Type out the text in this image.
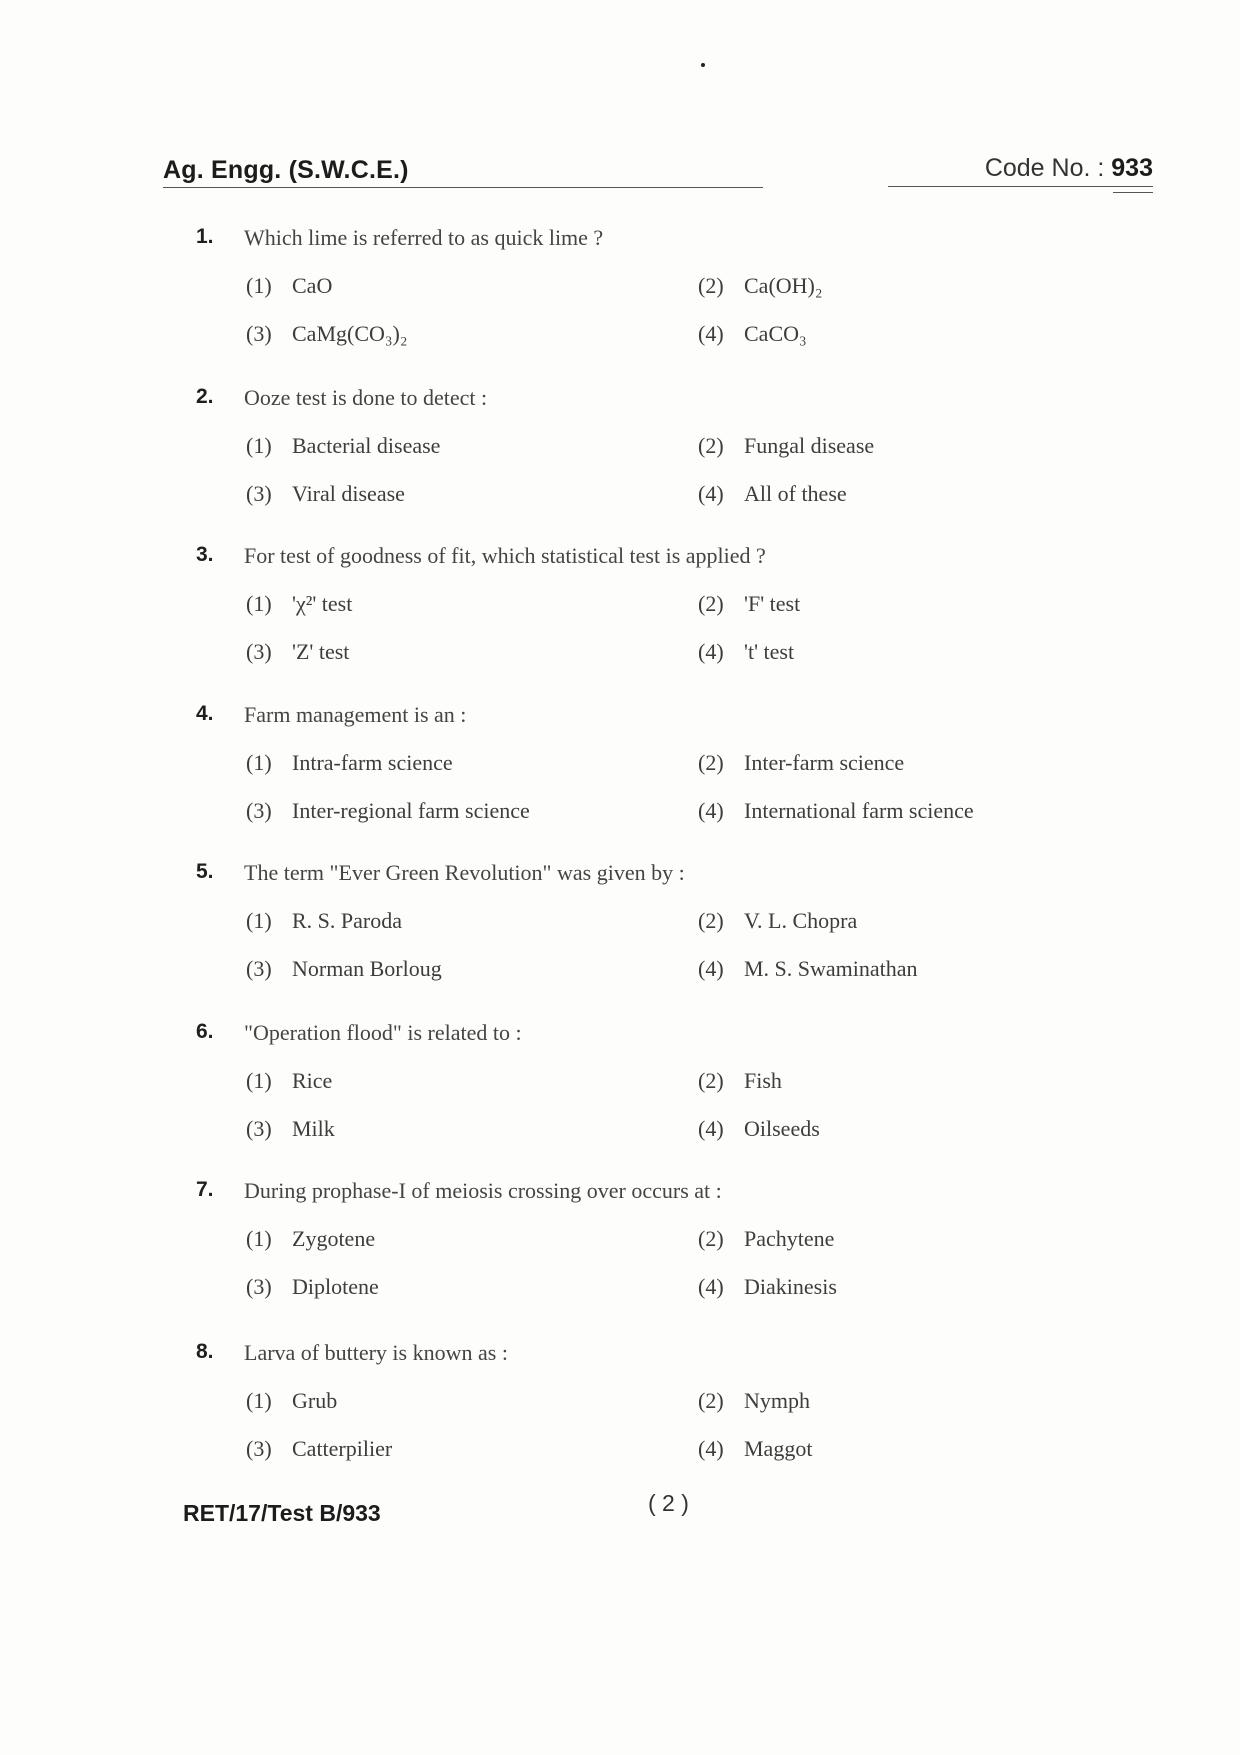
Ag. Engg. (S.W.C.E.)	Code No. : 933
1.	Which lime is referred to as quick lime ?
(1) CaO	(2) Ca(OH)₂
(3) CaMg(CO₃)₂	(4) CaCO₃
2.	Ooze test is done to detect :
(1) Bacterial disease	(2) Fungal disease
(3) Viral disease	(4) All of these
3.	For test of goodness of fit, which statistical test is applied ?
(1) 'χ²' test	(2) 'F' test
(3) 'Z' test	(4) 't' test
4.	Farm management is an :
(1) Intra-farm science	(2) Inter-farm science
(3) Inter-regional farm science	(4) International farm science
5.	The term "Ever Green Revolution" was given by :
(1) R. S. Paroda	(2) V. L. Chopra
(3) Norman Borloug	(4) M. S. Swaminathan
6.	"Operation flood" is related to :
(1) Rice	(2) Fish
(3) Milk	(4) Oilseeds
7.	During prophase-I of meiosis crossing over occurs at :
(1) Zygotene	(2) Pachytene
(3) Diplotene	(4) Diakinesis
8.	Larva of buttery is known as :
(1) Grub	(2) Nymph
(3) Catterpilier	(4) Maggot
RET/17/Test B/933	( 2 )
